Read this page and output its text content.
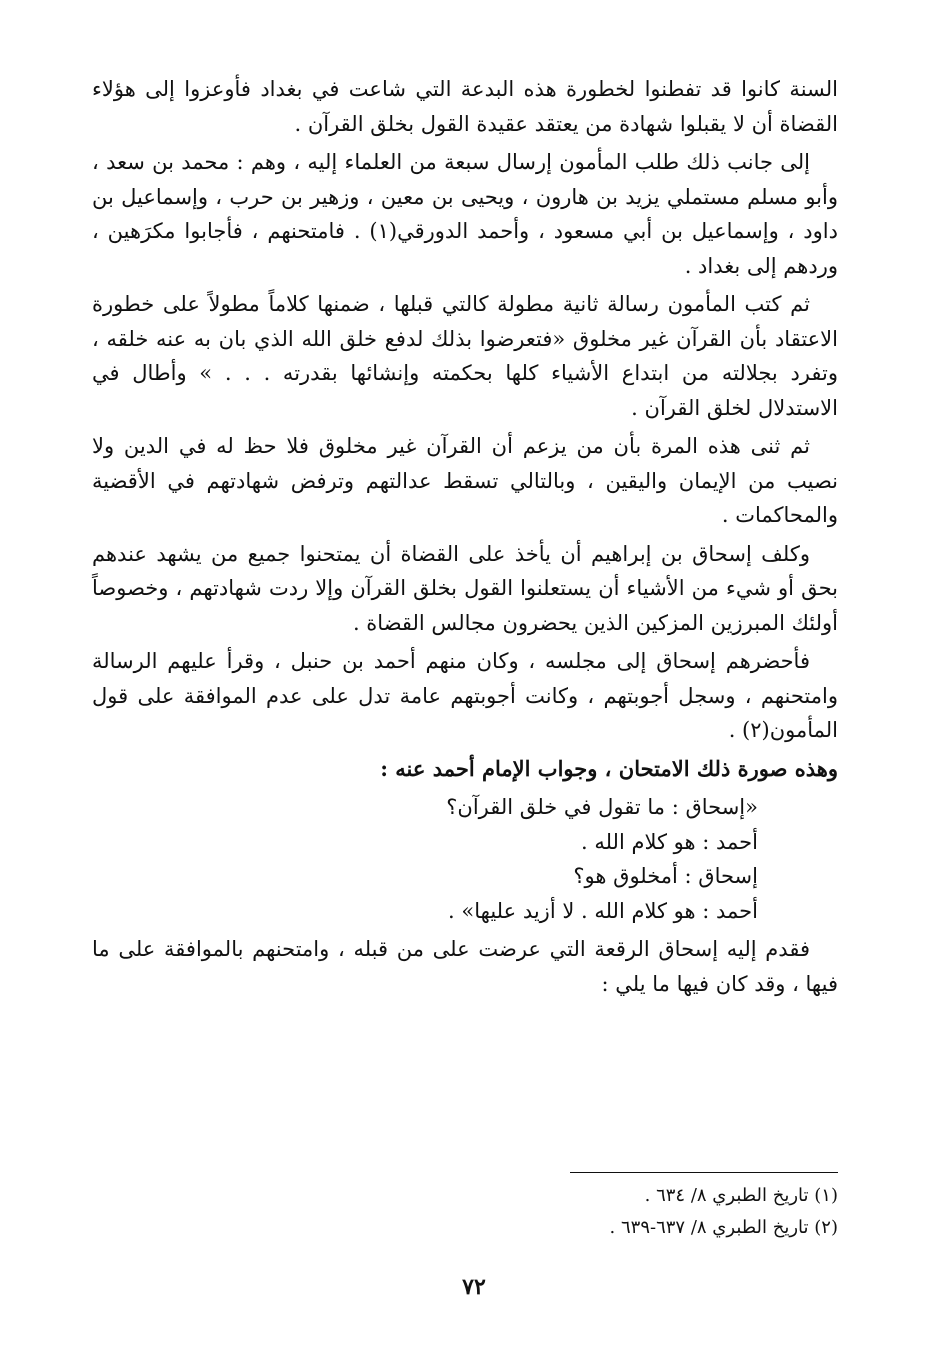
السنة كانوا قد تفطنوا لخطورة هذه البدعة التي شاعت في بغداد فأوعزوا إلى هؤلاء القضاة أن لا يقبلوا شهادة من يعتقد عقيدة القول بخلق القرآن .

إلى جانب ذلك طلب المأمون إرسال سبعة من العلماء إليه ، وهم : محمد بن سعد ، وأبو مسلم مستملي يزيد بن هارون ، ويحيى بن معين ، وزهير بن حرب ، وإسماعيل بن داود ، وإسماعيل بن أبي مسعود ، وأحمد الدورقي(١) . فامتحنهم ، فأجابوا مكرَهين ، وردهم إلى بغداد .

ثم كتب المأمون رسالة ثانية مطولة كالتي قبلها ، ضمنها كلاماً مطولاً على خطورة الاعتقاد بأن القرآن غير مخلوق «فتعرضوا بذلك لدفع خلق الله الذي بان به عنه خلقه ، وتفرد بجلالته من ابتداع الأشياء كلها بحكمته وإنشائها بقدرته . . . » وأطال في الاستدلال لخلق القرآن .

ثم ثنى هذه المرة بأن من يزعم أن القرآن غير مخلوق فلا حظ له في الدين ولا نصيب من الإيمان واليقين ، وبالتالي تسقط عدالتهم وترفض شهادتهم في الأقضية والمحاكمات .

وكلف إسحاق بن إبراهيم أن يأخذ على القضاة أن يمتحنوا جميع من يشهد عندهم بحق أو شيء من الأشياء أن يستعلنوا القول بخلق القرآن وإلا ردت شهادتهم ، وخصوصاً أولئك المبرزين المزكين الذين يحضرون مجالس القضاة .

فأحضرهم إسحاق إلى مجلسه ، وكان منهم أحمد بن حنبل ، وقرأ عليهم الرسالة وامتحنهم ، وسجل أجوبتهم ، وكانت أجوبتهم عامة تدل على عدم الموافقة على قول المأمون(٢) .

وهذه صورة ذلك الامتحان ، وجواب الإمام أحمد عنه :

«إسحاق : ما تقول في خلق القرآن؟
أحمد : هو كلام الله .
إسحاق : أمخلوق هو؟
أحمد : هو كلام الله . لا أزيد عليها» .

فقدم إليه إسحاق الرقعة التي عرضت على من قبله ، وامتحنهم بالموافقة على ما فيها ، وقد كان فيها ما يلي :

(١) تاريخ الطبري ٨/ ٦٣٤ .
(٢) تاريخ الطبري ٨/ ٦٣٧-٦٣٩ .
٧٢
